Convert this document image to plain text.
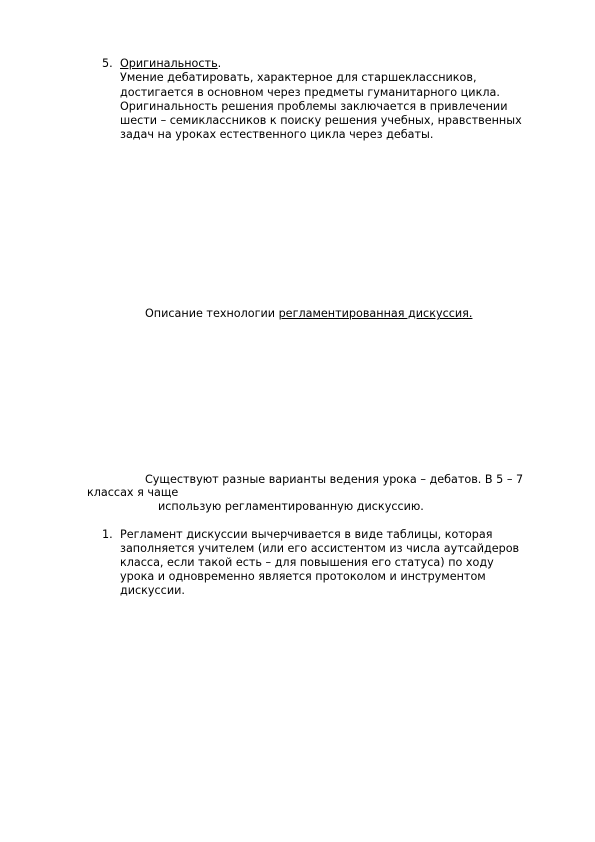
5. Оригинальность.
Умение дебатировать, характерное для старшеклассников,
достигается в основном через предметы гуманитарного цикла.
Оригинальность решения проблемы заключается в привлечении
шести – семиклассников к поиску решения учебных, нравственных
задач на уроках естественного цикла через дебаты.
Описание технологии регламентированная дискуссия.
Существуют разные варианты ведения урока – дебатов. В 5 – 7
классах я чаще
использую регламентированную дискуссию.
1. Регламент дискуссии вычерчивается в виде таблицы, которая
заполняется учителем (или его ассистентом из числа аутсайдеров
класса, если такой есть – для повышения его статуса) по ходу
урока и одновременно является протоколом и инструментом
дискуссии.
